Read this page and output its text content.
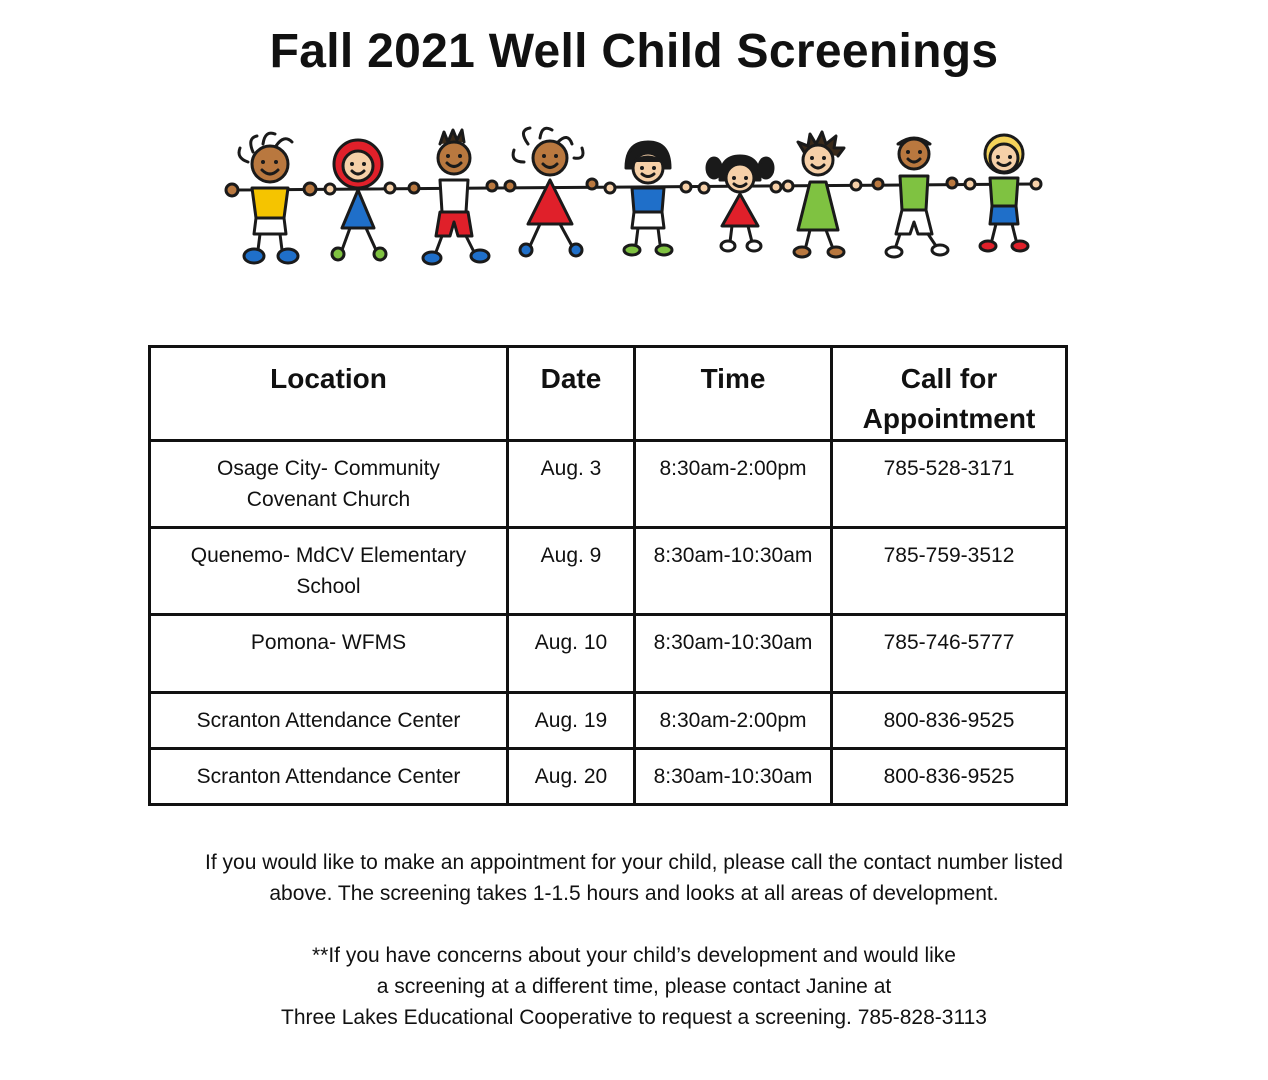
Fall 2021 Well Child Screenings
Location	Date	Time	Call for
Appointment

Osage City- Community
Covenant Church	Aug. 3	8:30am-2:00pm	785-528-3171

Quenemo- MdCV Elementary
School	Aug. 9	8:30am-10:30am	785-759-3512
Pomona- WFMS	Aug. 10	8:30am-10:30am	785-746-5777
Scranton Attendance Center	Aug. 19	8:30am-2:00pm	800-836-9525
Scranton Attendance Center	Aug. 20	8:30am-10:30am	800-836-9525
If you would like to make an appointment for your child, please call the contact number listed
above. The screening takes 1-1.5 hours and looks at all areas of development.
**If you have concerns about your child’s development and would like
a screening at a different time, please contact Janine at
Three Lakes Educational Cooperative to request a screening. 785-828-3113
